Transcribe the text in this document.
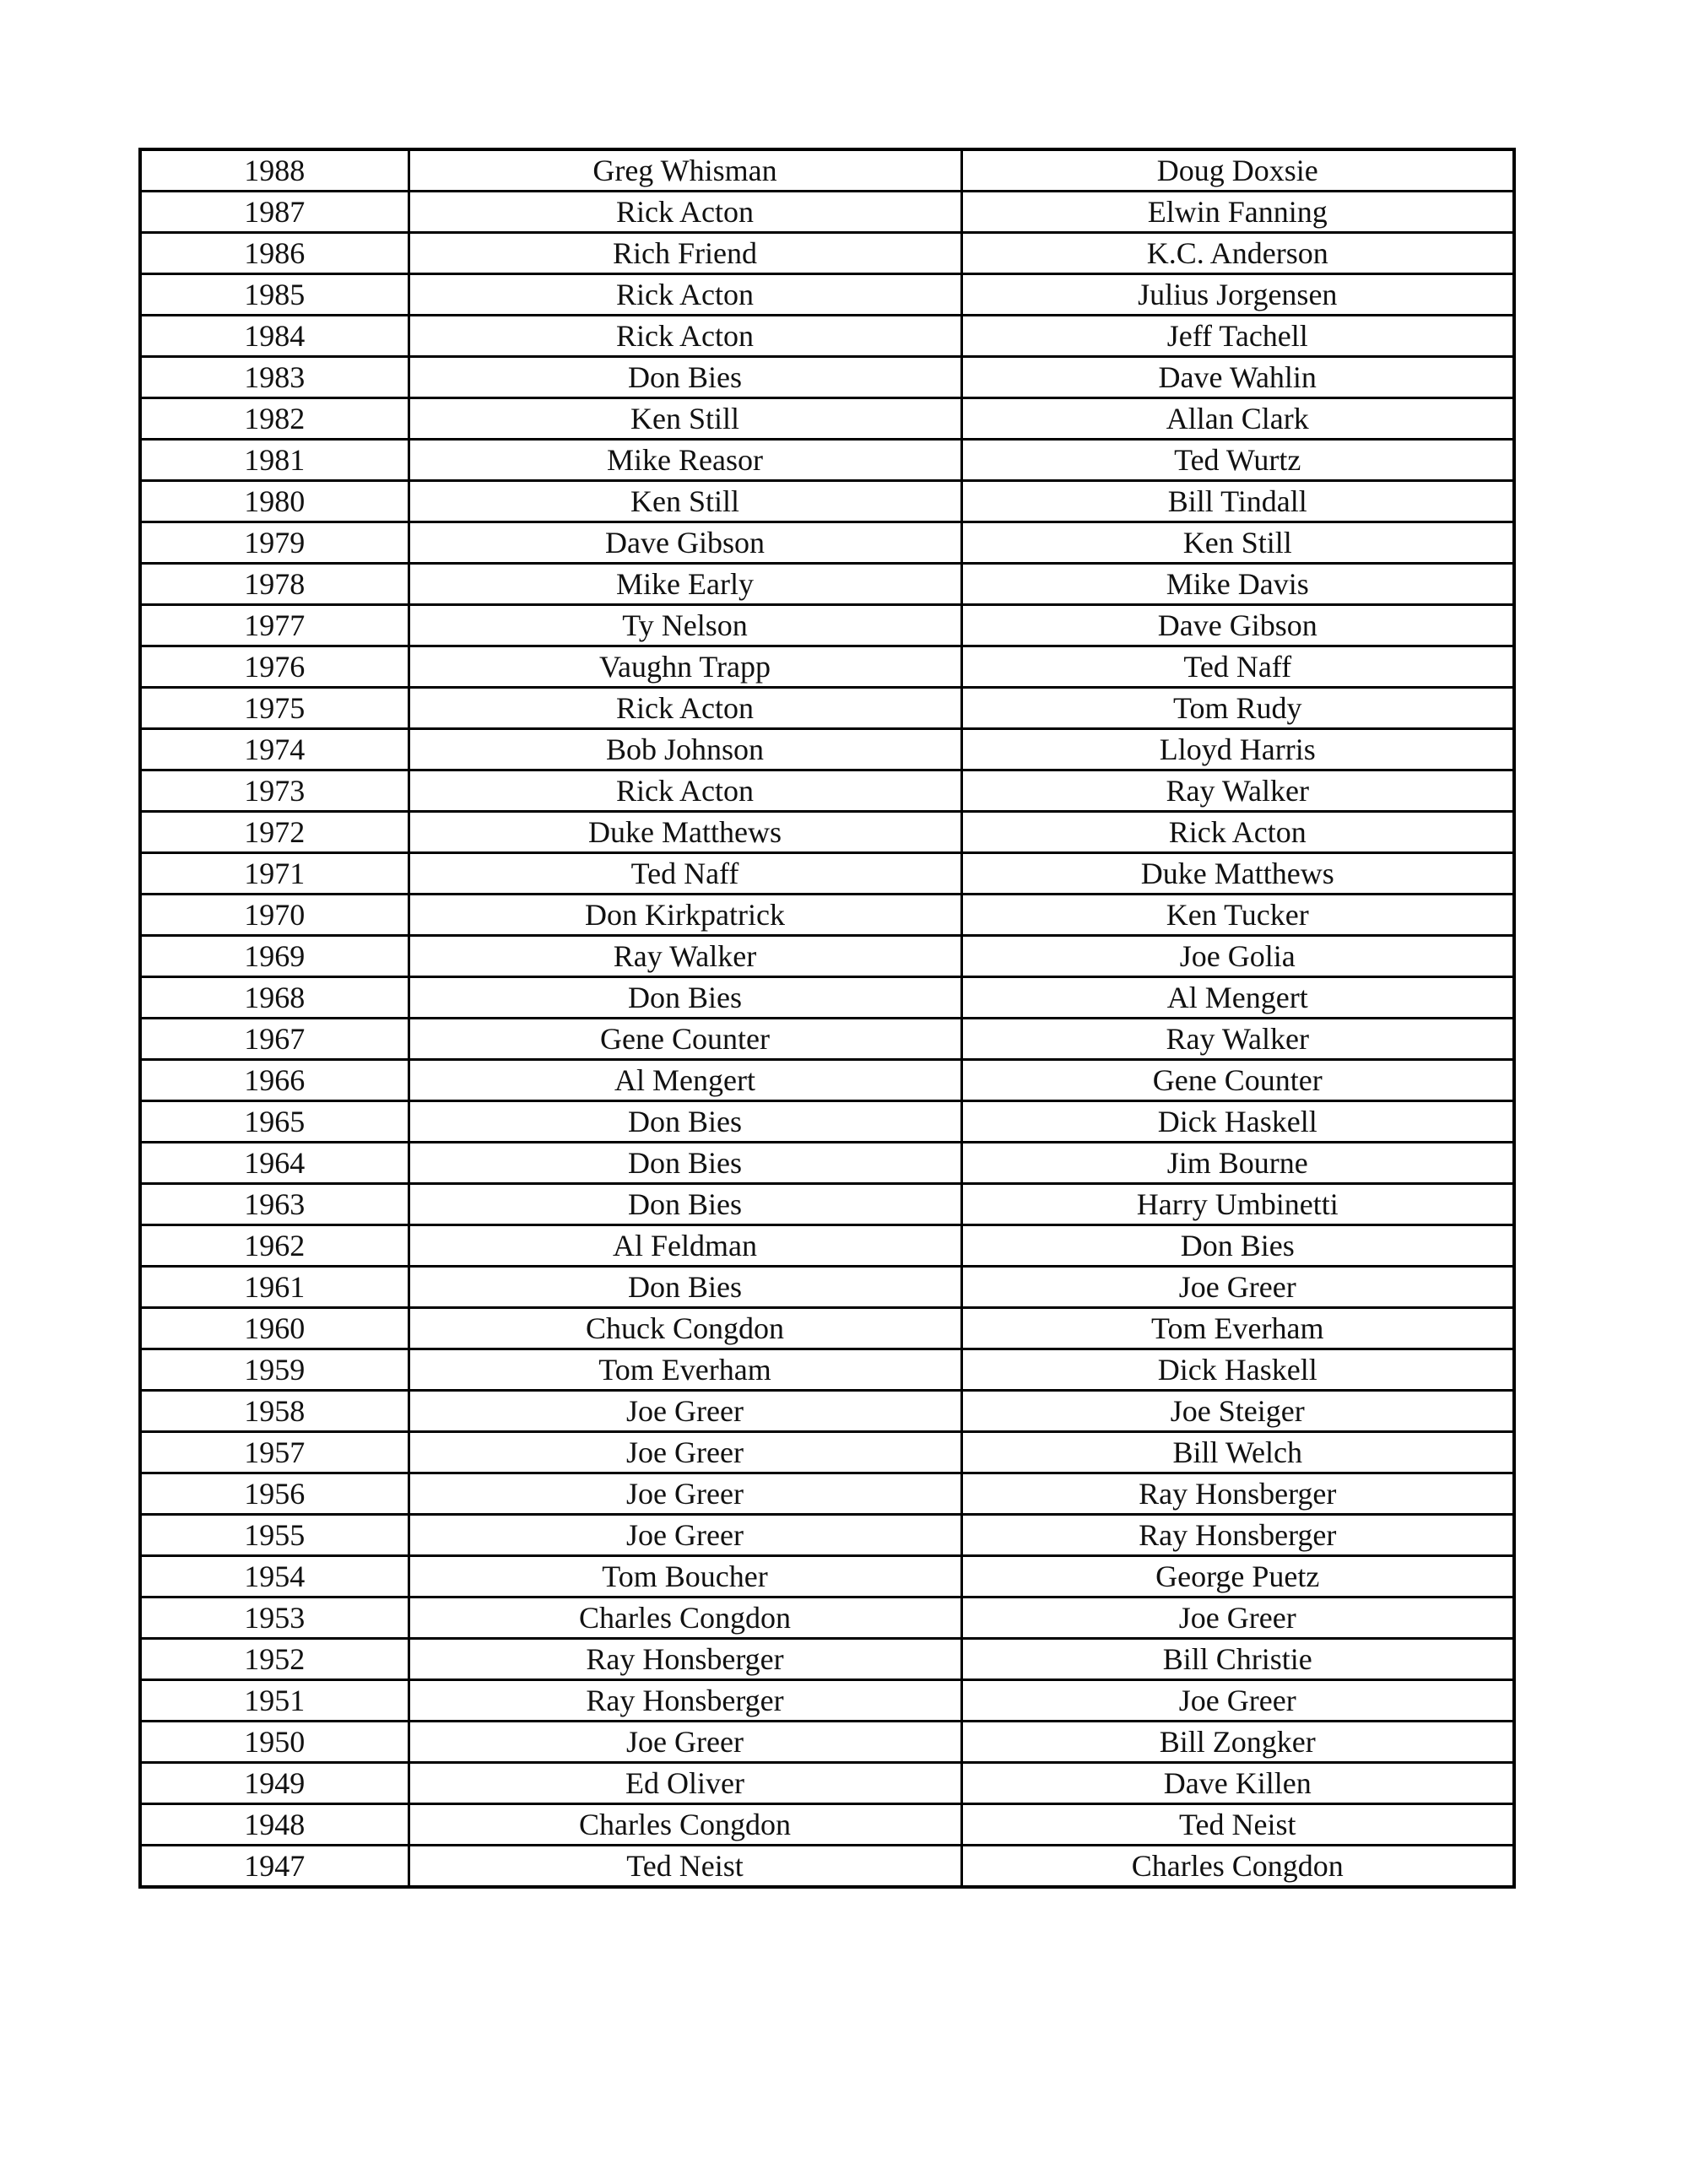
1988	Greg Whisman	Doug Doxsie
1987	Rick Acton	Elwin Fanning
1986	Rich Friend	K.C. Anderson
1985	Rick Acton	Julius Jorgensen
1984	Rick Acton	Jeff Tachell
1983	Don Bies	Dave Wahlin
1982	Ken Still	Allan Clark
1981	Mike Reasor	Ted Wurtz
1980	Ken Still	Bill Tindall
1979	Dave Gibson	Ken Still
1978	Mike Early	Mike Davis
1977	Ty Nelson	Dave Gibson
1976	Vaughn Trapp	Ted Naff
1975	Rick Acton	Tom Rudy
1974	Bob Johnson	Lloyd Harris
1973	Rick Acton	Ray Walker
1972	Duke Matthews	Rick Acton
1971	Ted Naff	Duke Matthews
1970	Don Kirkpatrick	Ken Tucker
1969	Ray Walker	Joe Golia
1968	Don Bies	Al Mengert
1967	Gene Counter	Ray Walker
1966	Al Mengert	Gene Counter
1965	Don Bies	Dick Haskell
1964	Don Bies	Jim Bourne
1963	Don Bies	Harry Umbinetti
1962	Al Feldman	Don Bies
1961	Don Bies	Joe Greer
1960	Chuck Congdon	Tom Everham
1959	Tom Everham	Dick Haskell
1958	Joe Greer	Joe Steiger
1957	Joe Greer	Bill Welch
1956	Joe Greer	Ray Honsberger
1955	Joe Greer	Ray Honsberger
1954	Tom Boucher	George Puetz
1953	Charles Congdon	Joe Greer
1952	Ray Honsberger	Bill Christie
1951	Ray Honsberger	Joe Greer
1950	Joe Greer	Bill Zongker
1949	Ed Oliver	Dave Killen
1948	Charles Congdon	Ted Neist
1947	Ted Neist	Charles Congdon
